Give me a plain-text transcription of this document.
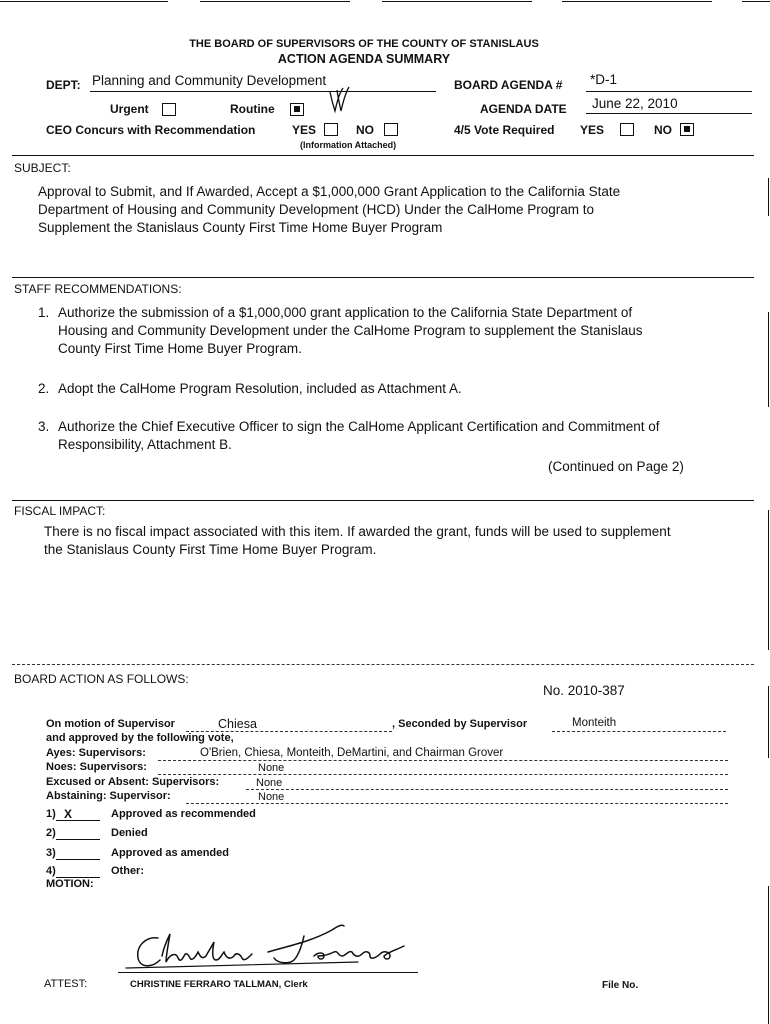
THE BOARD OF SUPERVISORS OF THE COUNTY OF STANISLAUS
ACTION AGENDA SUMMARY
DEPT: Planning and Community Development	BOARD AGENDA # *D-1
Urgent	Routine	AGENDA DATE June 22, 2010
CEO Concurs with Recommendation	YES	NO
(Information Attached)
4/5 Vote Required YES	NO
SUBJECT:
Approval to Submit, and If Awarded, Accept a $1,000,000 Grant Application to the California State
Department of Housing and Community Development (HCD) Under the CalHome Program to
Supplement the Stanislaus County First Time Home Buyer Program
STAFF RECOMMENDATIONS:
1. Authorize the submission of a $1,000,000 grant application to the California State Department of
Housing and Community Development under the CalHome Program to supplement the Stanislaus
County First Time Home Buyer Program.
2. Adopt the CalHome Program Resolution, included as Attachment A.
3. Authorize the Chief Executive Officer to sign the CalHome Applicant Certification and Commitment of
Responsibility, Attachment B.
(Continued on Page 2)
FISCAL IMPACT:
There is no fiscal impact associated with this item. If awarded the grant, funds will be used to supplement
the Stanislaus County First Time Home Buyer Program.
BOARD ACTION AS FOLLOWS:
No. 2010-387
On motion of Supervisor	Chiesa	, Seconded by Supervisor	Monteith
and approved by the following vote,
Ayes: Supervisors:	O'Brien, Chiesa, Monteith, DeMartini, and Chairman Grover
Noes: Supervisors:	None
Excused or Absent: Supervisors:	None
Abstaining: Supervisor:	None
1) X	Approved as recommended
2)	Denied
3)	Approved as amended
4)	Other:
MOTION:
ATTEST:	CHRISTINE FERRARO TALLMAN, Clerk	File No.
